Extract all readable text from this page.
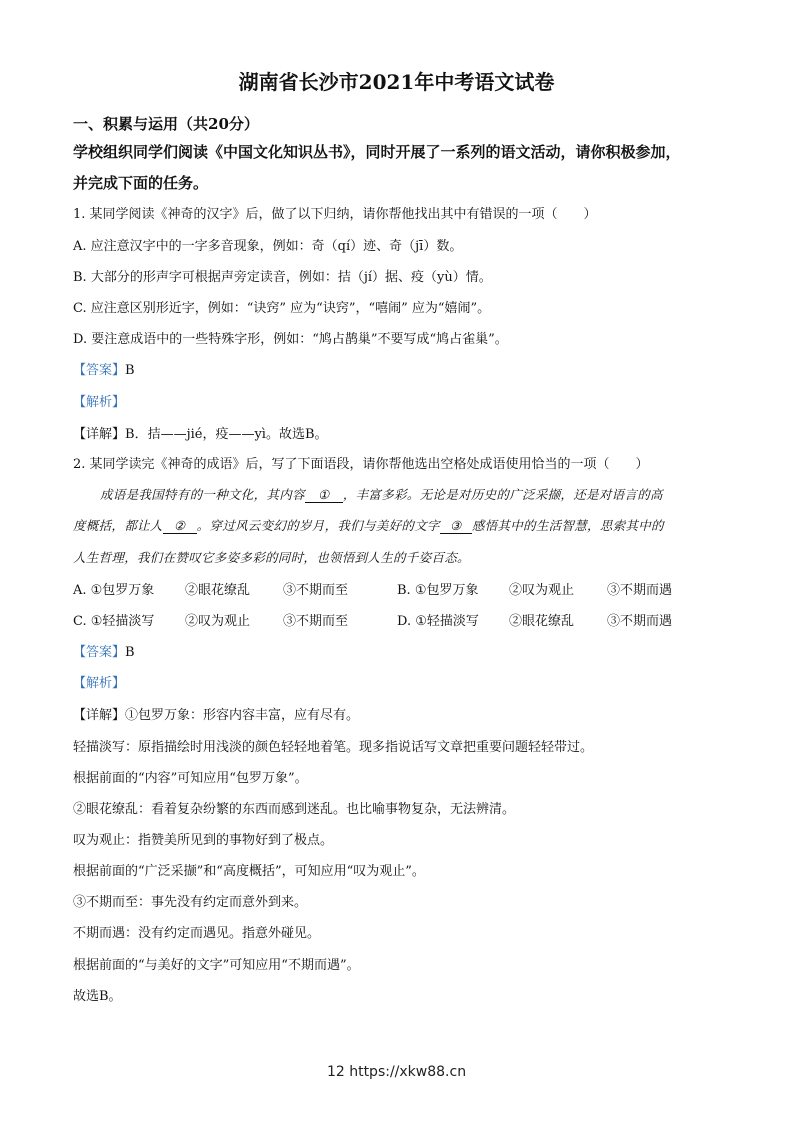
湖南省长沙市2021年中考语文试卷
一、积累与运用（共20分）
学校组织同学们阅读《中国文化知识丛书》，同时开展了一系列的语文活动，请你积极参加，
并完成下面的任务。
1. 某同学阅读《神奇的汉字》后，做了以下归纳，请你帮他找出其中有错误的一项（　　）
A. 应注意汉字中的一字多音现象，例如：奇（qí）迹、奇（jī）数。
B. 大部分的形声字可根据声旁定读音，例如：拮（jí）据、疫（yù）情。
C. 应注意区别形近字，例如：“诀窍” 应为“诀窍”，“嘻闹” 应为“嬉闹”。
D. 要注意成语中的一些特殊字形，例如：“鸠占鹊巢”不要写成“鸠占雀巢”。
【答案】B
【解析】
【详解】B．拮——jié，疫——yì。故选B。
2. 某同学读完《神奇的成语》后，写了下面语段，请你帮他选出空格处成语使用恰当的一项（　　）
成语是我国特有的一种文化，其内容 ① ，丰富多彩。无论是对历史的广泛采撷，还是对语言的高
度概括，都让人 ② 。穿过风云变幻的岁月，我们与美好的文字 ③ 感悟其中的生活智慧，思索其中的
人生哲理，我们在赞叹它多姿多彩的同时，也领悟到人生的千姿百态。
A. ①包罗万象 ②眼花缭乱	③不期而至	B. ①包罗万象 ②叹为观止	③不期而遇
C. ①轻描淡写 ②叹为观止	③不期而至	D. ①轻描淡写 ②眼花缭乱	③不期而遇
【答案】B
【解析】
【详解】①包罗万象：形容内容丰富，应有尽有。
轻描淡写：原指描绘时用浅淡的颜色轻轻地着笔。现多指说话写文章把重要问题轻轻带过。
根据前面的“内容”可知应用“包罗万象”。
②眼花缭乱：看着复杂纷繁的东西而感到迷乱。也比喻事物复杂，无法辨清。
叹为观止：指赞美所见到的事物好到了极点。
根据前面的“广泛采撷”和“高度概括”，可知应用“叹为观止”。
③不期而至：事先没有约定而意外到来。
不期而遇：没有约定而遇见。指意外碰见。
根据前面的“与美好的文字”可知应用“不期而遇”。
故选B。
12 https://xkw88.cn
